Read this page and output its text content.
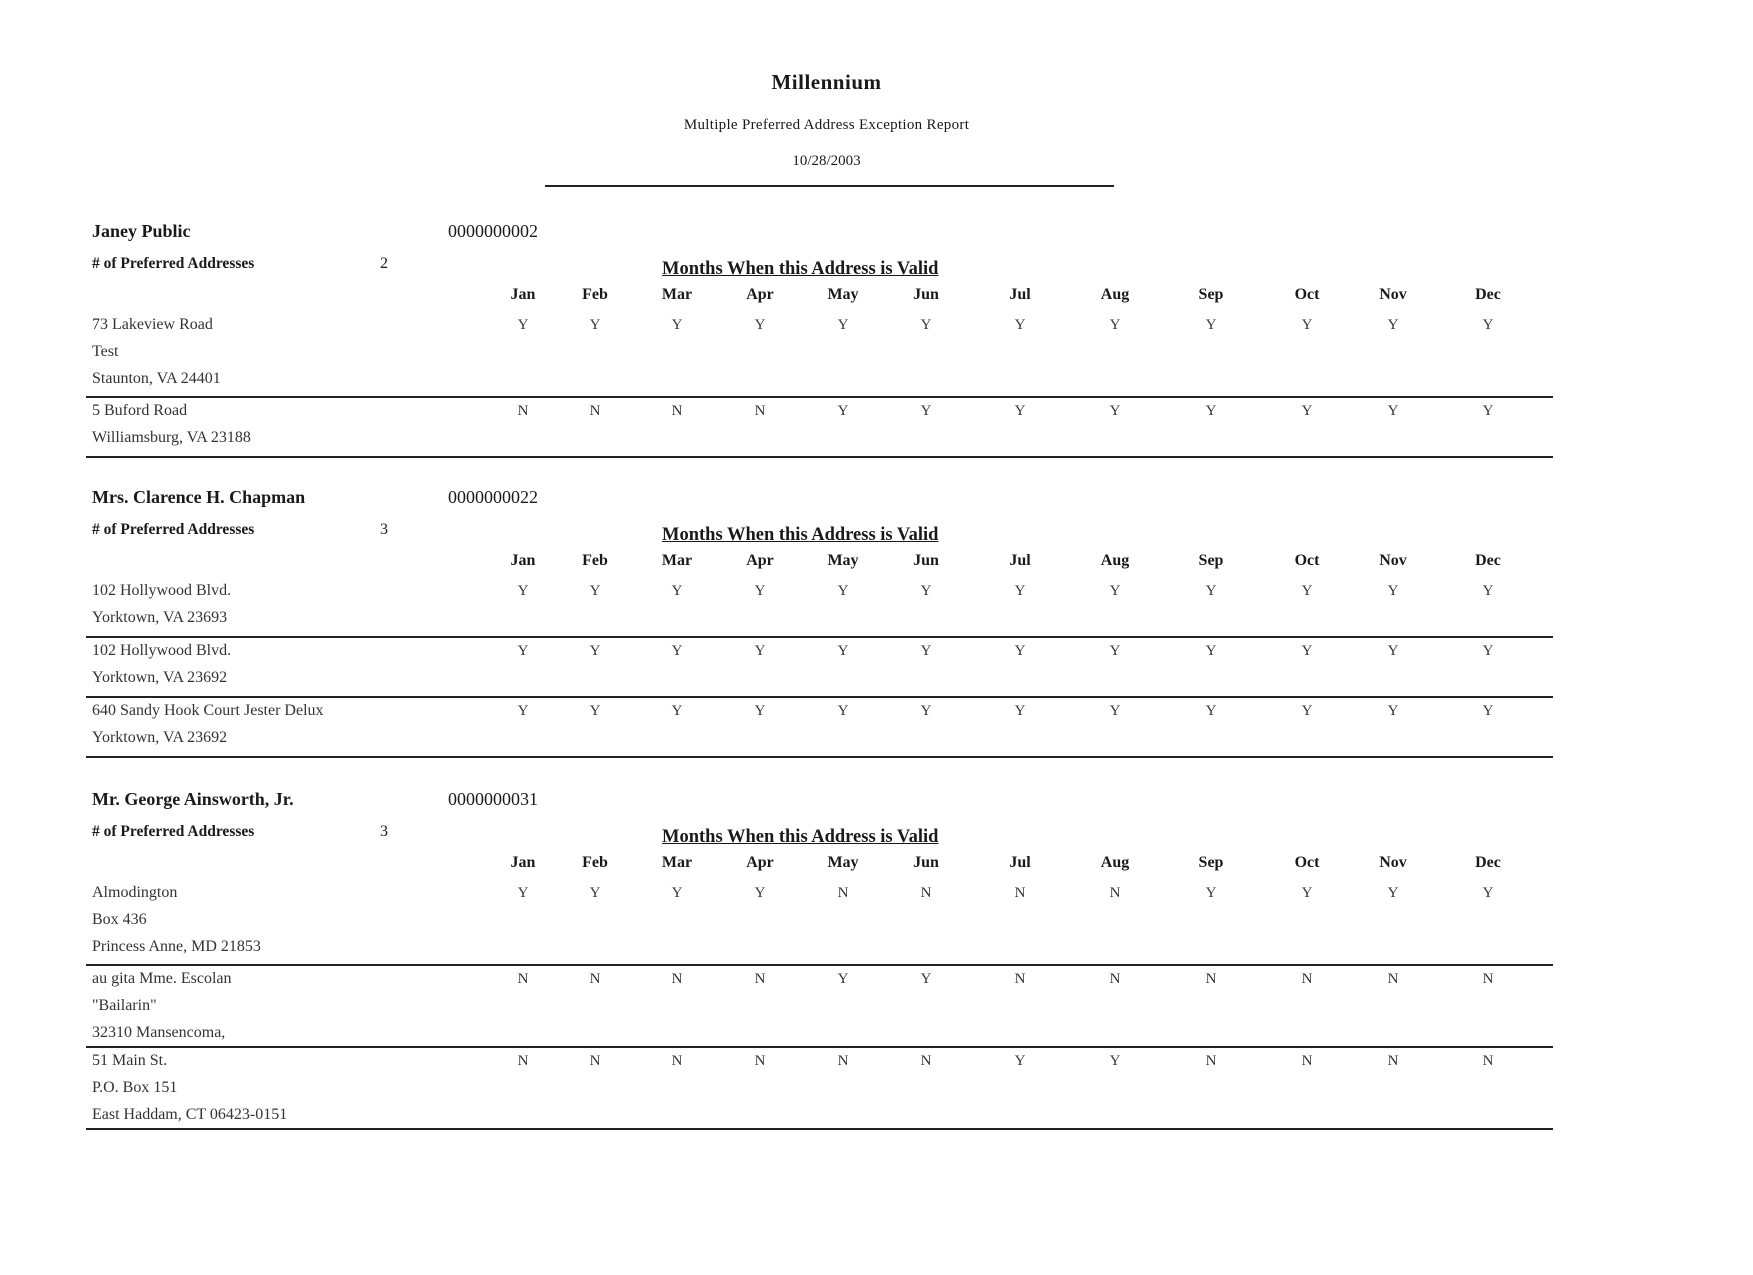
Millennium
Multiple Preferred Address Exception Report
10/28/2003
Janey Public	0000000002
# of Preferred Addresses	2	Months When this Address is Valid
Jan	Feb	Mar	Apr	May	Jun	Jul	Aug	Sep	Oct	Nov	Dec
73 Lakeview Road
Test
Staunton, VA 24401
Y	Y	Y	Y	Y	Y	Y	Y	Y	Y	Y	Y
5 Buford Road
Williamsburg, VA 23188
N	N	N	N	Y	Y	Y	Y	Y	Y	Y	Y
Mrs. Clarence H. Chapman	0000000022
# of Preferred Addresses	3	Months When this Address is Valid
Jan	Feb	Mar	Apr	May	Jun	Jul	Aug	Sep	Oct	Nov	Dec
102 Hollywood Blvd.
Yorktown, VA 23693
Y	Y	Y	Y	Y	Y	Y	Y	Y	Y	Y	Y
102 Hollywood Blvd.
Yorktown, VA 23692
Y	Y	Y	Y	Y	Y	Y	Y	Y	Y	Y	Y
640 Sandy Hook Court Jester Delux
Yorktown, VA 23692
Y	Y	Y	Y	Y	Y	Y	Y	Y	Y	Y	Y
Mr. George Ainsworth, Jr.	0000000031
# of Preferred Addresses	3	Months When this Address is Valid
Jan	Feb	Mar	Apr	May	Jun	Jul	Aug	Sep	Oct	Nov	Dec
Almodington
Box 436
Princess Anne, MD 21853
Y	Y	Y	Y	N	N	N	N	Y	Y	Y	Y
au gita Mme. Escolan
"Bailarin"
32310 Mansencoma,
N	N	N	N	Y	Y	N	N	N	N	N	N
51 Main St.
P.O. Box 151
East Haddam, CT 06423-0151
N	N	N	N	N	N	Y	Y	N	N	N	N
